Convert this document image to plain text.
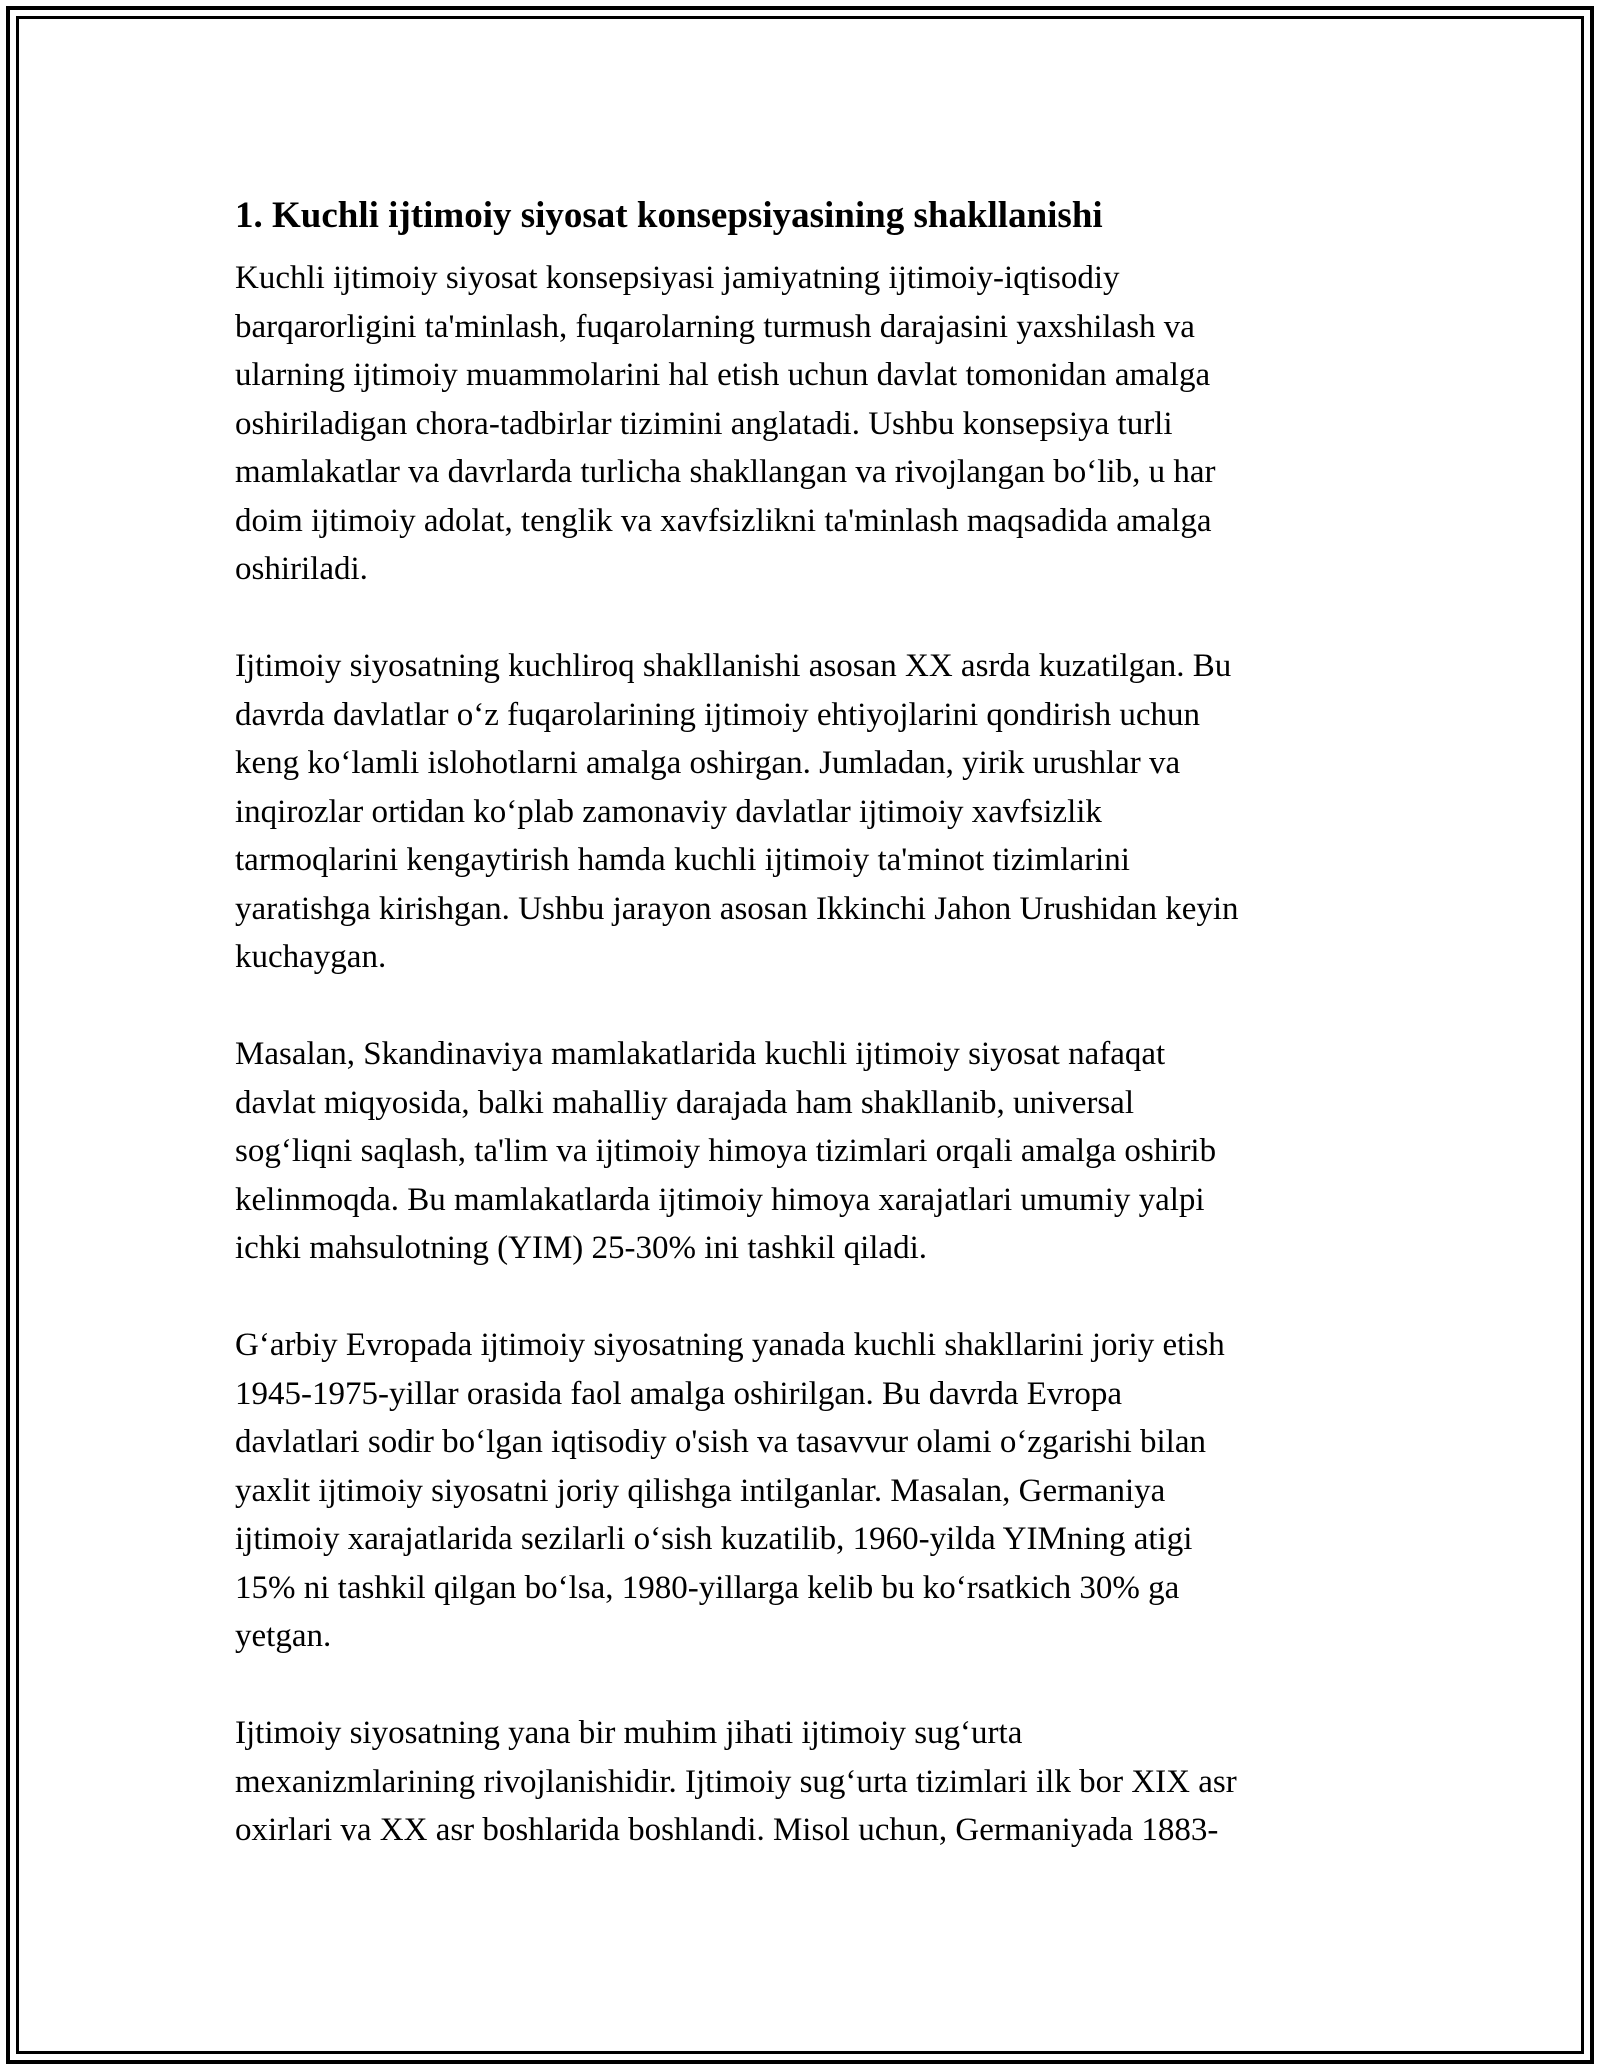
1. Kuchli ijtimoiy siyosat konsepsiyasining shakllanishi

Kuchli ijtimoiy siyosat konsepsiyasi jamiyatning ijtimoiy-iqtisodiy
barqarorligini ta'minlash, fuqarolarning turmush darajasini yaxshilash va
ularning ijtimoiy muammolarini hal etish uchun davlat tomonidan amalga
oshiriladigan chora-tadbirlar tizimini anglatadi. Ushbu konsepsiya turli
mamlakatlar va davrlarda turlicha shakllangan va rivojlangan boʻlib, u har
doim ijtimoiy adolat, tenglik va xavfsizlikni ta'minlash maqsadida amalga
oshiriladi.

Ijtimoiy siyosatning kuchliroq shakllanishi asosan XX asrda kuzatilgan. Bu
davrda davlatlar oʻz fuqarolarining ijtimoiy ehtiyojlarini qondirish uchun
keng koʻlamli islohotlarni amalga oshirgan. Jumladan, yirik urushlar va
inqirozlar ortidan koʻplab zamonaviy davlatlar ijtimoiy xavfsizlik
tarmoqlarini kengaytirish hamda kuchli ijtimoiy ta'minot tizimlarini
yaratishga kirishgan. Ushbu jarayon asosan Ikkinchi Jahon Urushidan keyin
kuchaygan.

Masalan, Skandinaviya mamlakatlarida kuchli ijtimoiy siyosat nafaqat
davlat miqyosida, balki mahalliy darajada ham shakllanib, universal
sogʻliqni saqlash, ta'lim va ijtimoiy himoya tizimlari orqali amalga oshirib
kelinmoqda. Bu mamlakatlarda ijtimoiy himoya xarajatlari umumiy yalpi
ichki mahsulotning (YIM) 25-30% ini tashkil qiladi.

Gʻarbiy Evropada ijtimoiy siyosatning yanada kuchli shakllarini joriy etish
1945-1975-yillar orasida faol amalga oshirilgan. Bu davrda Evropa
davlatlari sodir boʻlgan iqtisodiy o'sish va tasavvur olami oʻzgarishi bilan
yaxlit ijtimoiy siyosatni joriy qilishga intilganlar. Masalan, Germaniya
ijtimoiy xarajatlarida sezilarli oʻsish kuzatilib, 1960-yilda YIMning atigi
15% ni tashkil qilgan boʻlsa, 1980-yillarga kelib bu koʻrsatkich 30% ga
yetgan.

Ijtimoiy siyosatning yana bir muhim jihati ijtimoiy sugʻurta
mexanizmlarining rivojlanishidir. Ijtimoiy sugʻurta tizimlari ilk bor XIX asr
oxirlari va XX asr boshlarida boshlandi. Misol uchun, Germaniyada 1883-
